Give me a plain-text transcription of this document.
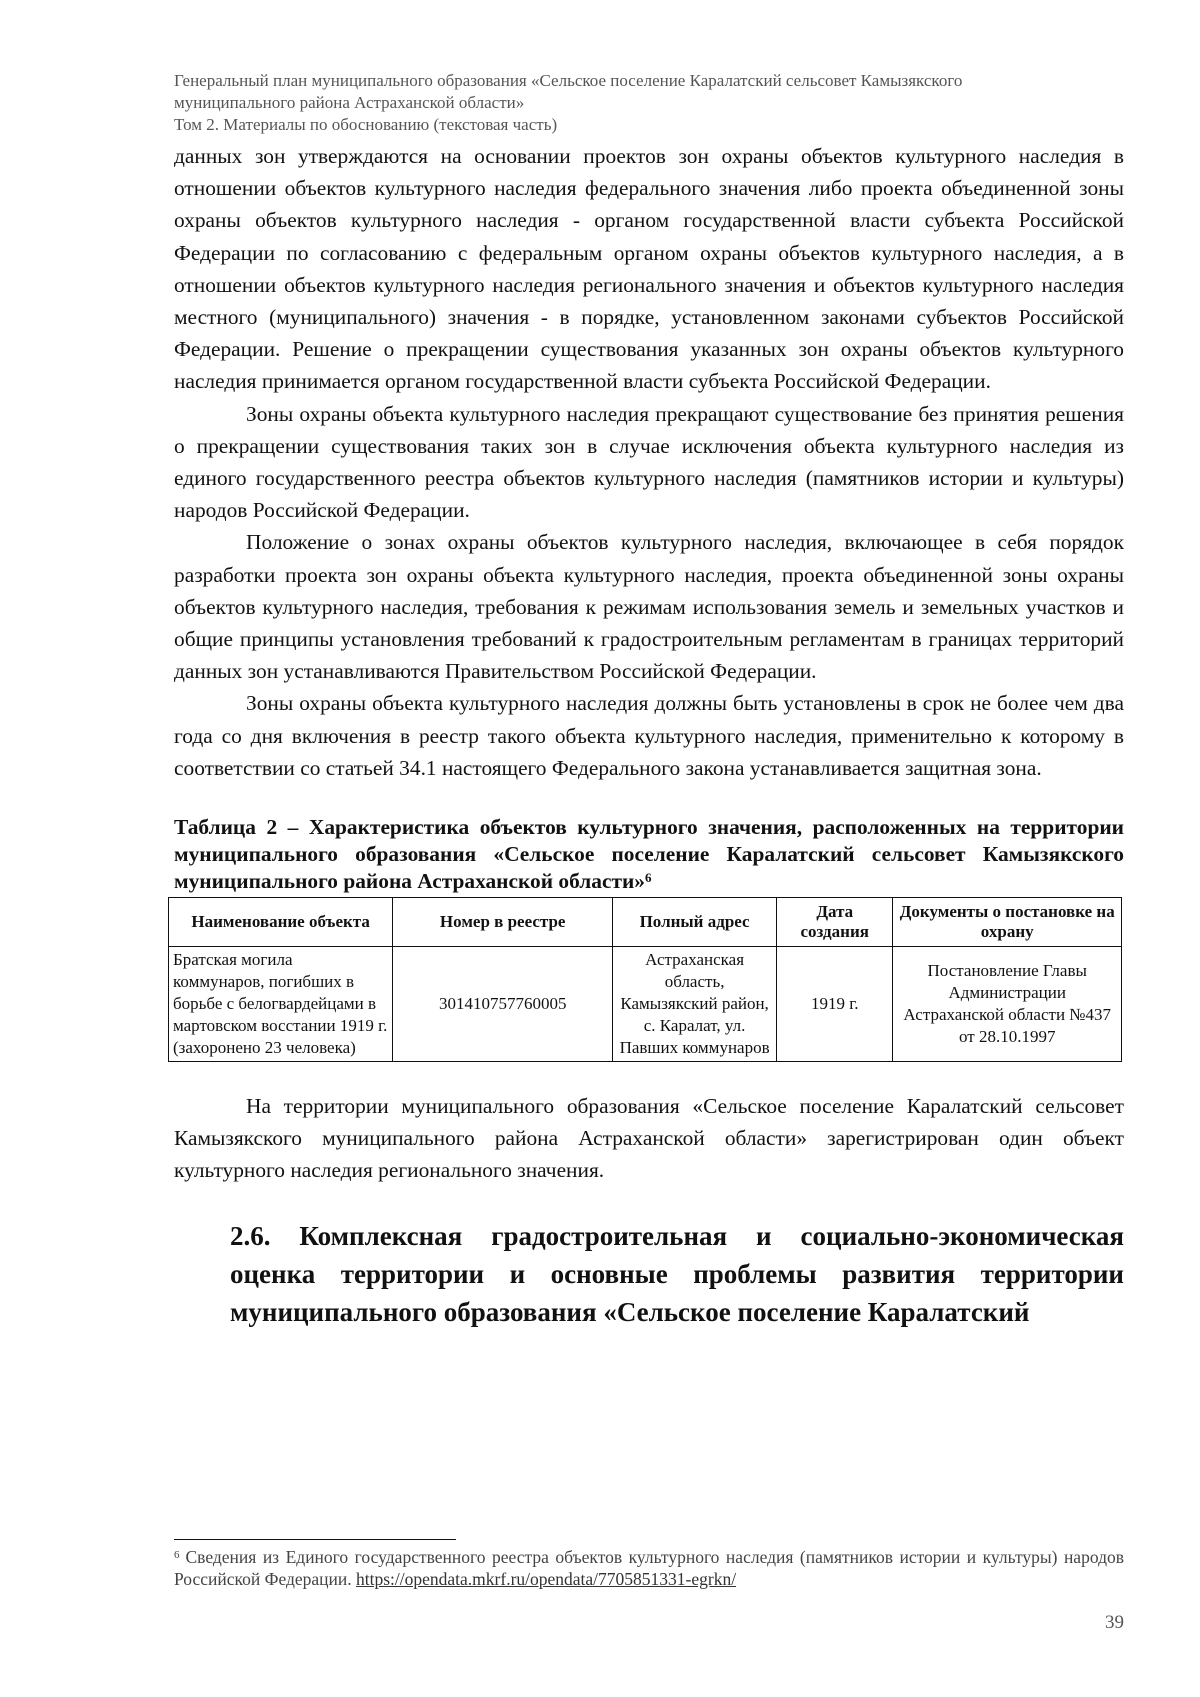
Генеральный план муниципального образования «Сельское поселение Каралатский сельсовет Камызякского
муниципального района Астраханской области»
Том 2. Материалы по обоснованию (текстовая часть)

данных зон утверждаются на основании проектов зон охраны объектов культурного наследия в отношении объектов культурного наследия федерального значения либо проекта объединенной зоны охраны объектов культурного наследия - органом государственной власти субъекта Российской Федерации по согласованию с федеральным органом охраны объектов культурного наследия, а в отношении объектов культурного наследия регионального значения и объектов культурного наследия местного (муниципального) значения - в порядке, установленном законами субъектов Российской Федерации. Решение о прекращении существования указанных зон охраны объектов культурного наследия принимается органом государственной власти субъекта Российской Федерации.

Зоны охраны объекта культурного наследия прекращают существование без принятия решения о прекращении существования таких зон в случае исключения объекта культурного наследия из единого государственного реестра объектов культурного наследия (памятников истории и культуры) народов Российской Федерации.

Положение о зонах охраны объектов культурного наследия, включающее в себя порядок разработки проекта зон охраны объекта культурного наследия, проекта объединенной зоны охраны объектов культурного наследия, требования к режимам использования земель и земельных участков и общие принципы установления требований к градостроительным регламентам в границах территорий данных зон устанавливаются Правительством Российской Федерации.

Зоны охраны объекта культурного наследия должны быть установлены в срок не более чем два года со дня включения в реестр такого объекта культурного наследия, применительно к которому в соответствии со статьей 34.1 настоящего Федерального закона устанавливается защитная зона.

Таблица 2 – Характеристика объектов культурного значения, расположенных на территории муниципального образования «Сельское поселение Каралатский сельсовет Камызякского муниципального района Астраханской области»$^6$
Наименование объекта	Номер в реестре	Полный адрес	Дата создания	Документы о постановке на охрану
Братская могила коммунаров, погибших в борьбе с белогвардейцами в мартовском восстании 1919 г. (захоронено 23 человека)	301410757760005	Астраханская область, Камызякский район, с. Каралат, ул. Павших коммунаров	1919 г.	Постановление Главы Администрации Астраханской области №437 от 28.10.1997

На территории муниципального образования «Сельское поселение Каралатский сельсовет Камызякского муниципального района Астраханской области» зарегистрирован один объект культурного наследия регионального значения.

2.6. Комплексная градостроительная и социально-экономическая оценка территории и основные проблемы развития территории муниципального образования «Сельское поселение Каралатский
$^6$ Сведения из Единого государственного реестра объектов культурного наследия (памятников истории и культуры) народов Российской Федерации. https://opendata.mkrf.ru/opendata/7705851331-egrkn/
39
